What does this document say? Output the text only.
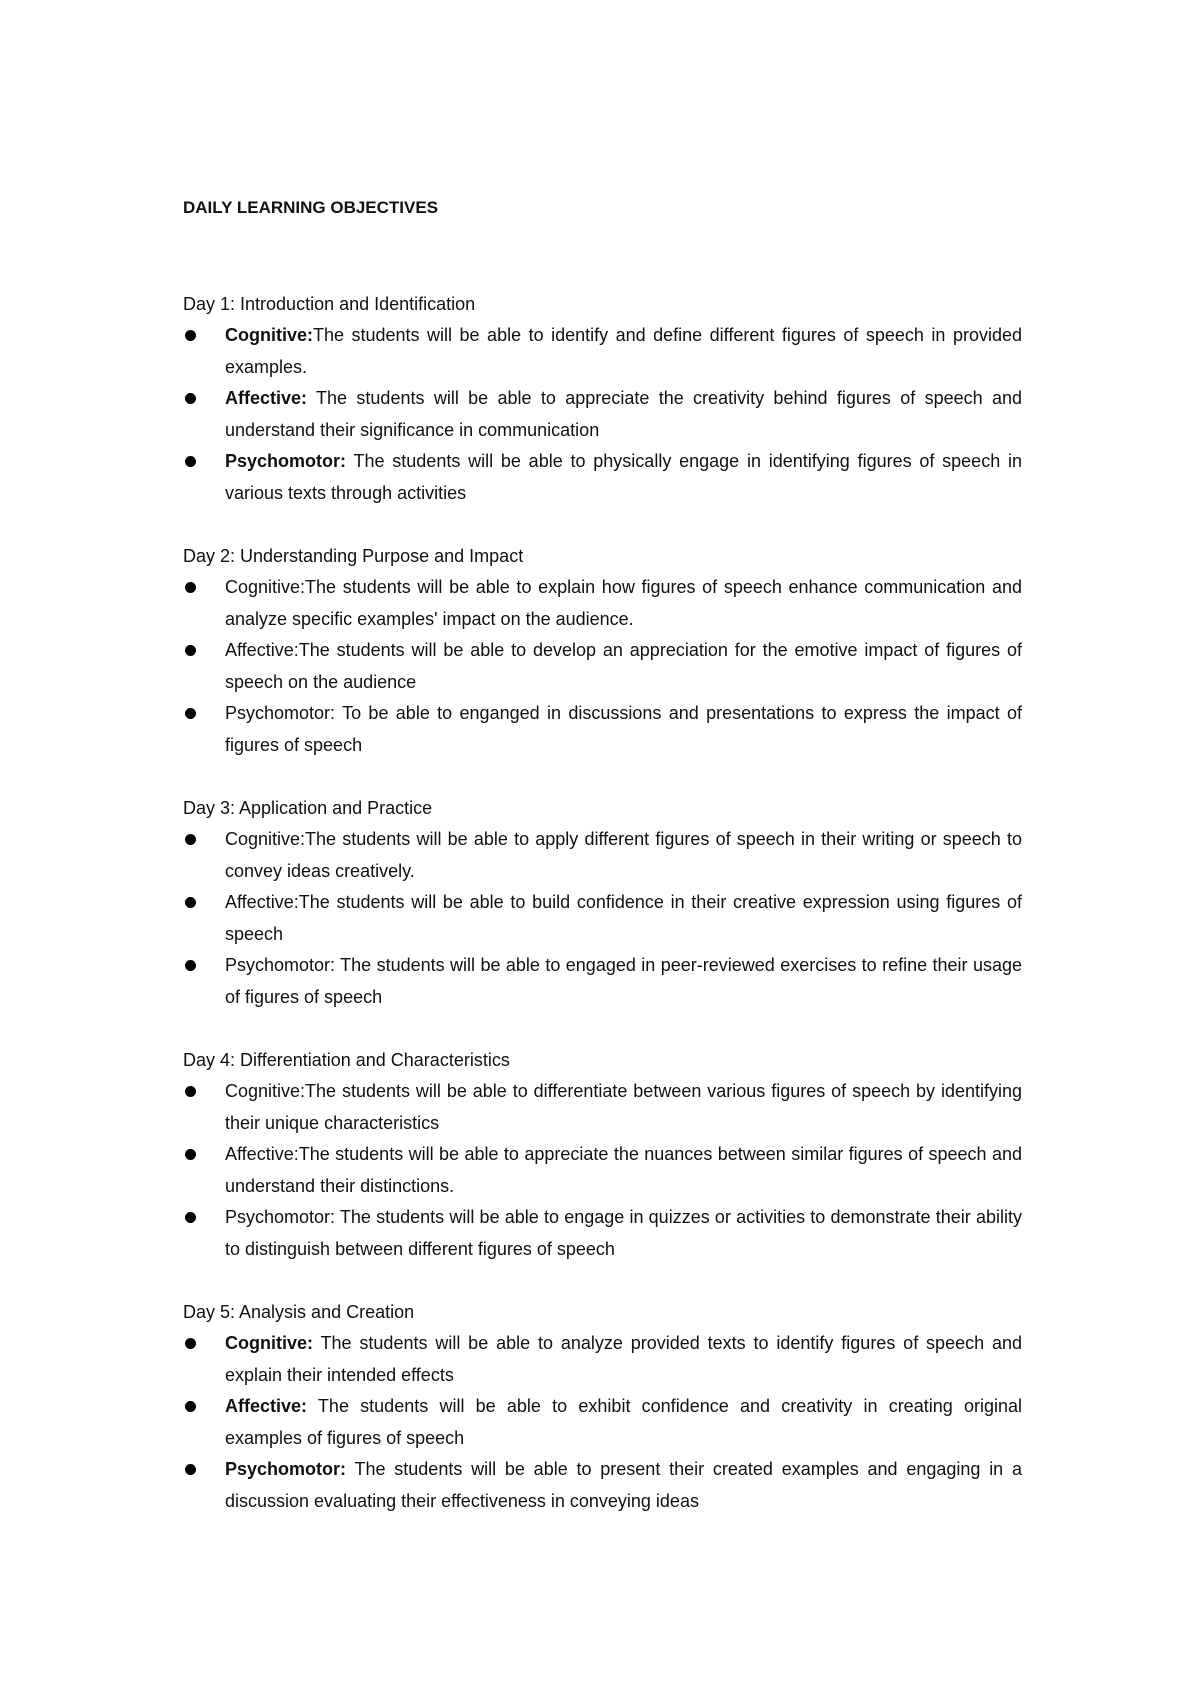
DAILY LEARNING OBJECTIVES

Day 1: Introduction and Identification

Cognitive:The students will be able to identify and define different figures of speech in provided examples.
Affective: The students will be able to appreciate the creativity behind figures of speech and understand their significance in communication
Psychomotor: The students will be able to physically engage in identifying figures of speech in various texts through activities

Day 2: Understanding Purpose and Impact

Cognitive:The students will be able to explain how figures of speech enhance communication and analyze specific examples' impact on the audience.
Affective:The students will be able to develop an appreciation for the emotive impact of figures of speech on the audience
Psychomotor: To be able to enganged in discussions and presentations to express the impact of figures of speech

Day 3: Application and Practice

Cognitive:The students will be able to apply different figures of speech in their writing or speech to convey ideas creatively.
Affective:The students will be able to build confidence in their creative expression using figures of speech
Psychomotor: The students will be able to engaged in peer-reviewed exercises to refine their usage of figures of speech

Day 4: Differentiation and Characteristics

Cognitive:The students will be able to differentiate between various figures of speech by identifying their unique characteristics
Affective:The students will be able to appreciate the nuances between similar figures of speech and understand their distinctions.
Psychomotor: The students will be able to engage in quizzes or activities to demonstrate their ability to distinguish between different figures of speech

Day 5: Analysis and Creation

Cognitive: The students will be able to analyze provided texts to identify figures of speech and explain their intended effects
Affective: The students will be able to exhibit confidence and creativity in creating original examples of figures of speech
Psychomotor: The students will be able to present their created examples and engaging in a discussion evaluating their effectiveness in conveying ideas
